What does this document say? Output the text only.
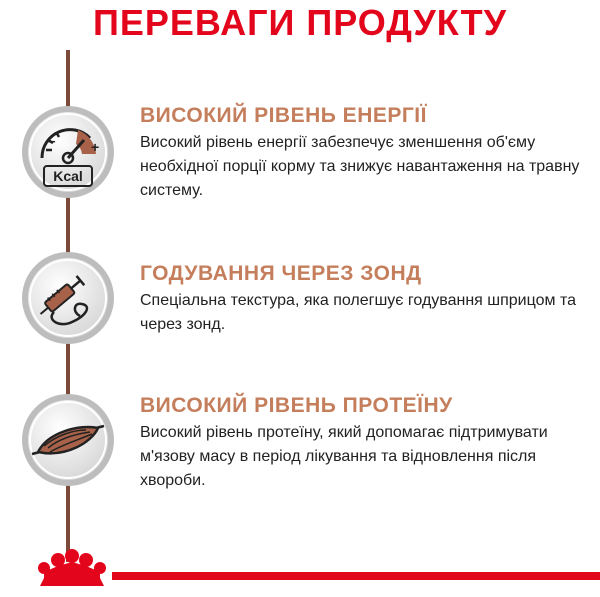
ПЕРЕВАГИ ПРОДУКТУ
+
−
Kcal
ВИСОКИЙ РІВЕНЬ ЕНЕРГІЇ

Високий рівень енергії забезпечує зменшення об'єму необхідної порції корму та знижує навантаження на травну систему.

ГОДУВАННЯ ЧЕРЕЗ ЗОНД

Спеціальна текстура, яка полегшує годування шприцом та через зонд.

ВИСОКИЙ РІВЕНЬ ПРОТЕЇНУ

Високий рівень протеїну, який допомагає підтримувати м'язову масу в період лікування та відновлення після хвороби.
